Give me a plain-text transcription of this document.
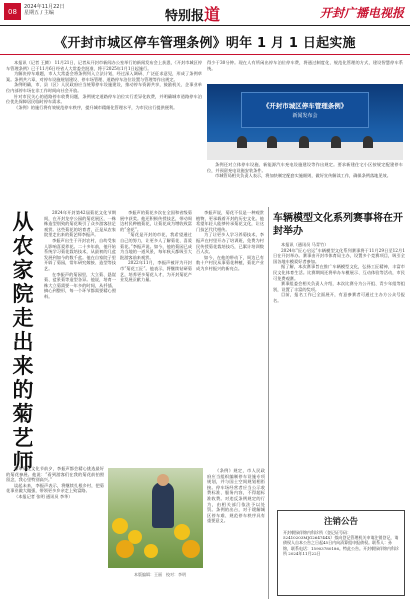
08
2024年11月22日
星期五 / 主编	特别报道	开封广播电视报
《开封市城区停车管理条例》明年 1 月 1 日起实施

本报讯（记者 王腾） 11月21日，记者从开封市新闻办公室举行的新闻发布会上获悉，《开封市城区停车管理条例》已于11月6日经省人大常委会批准，将于2025年1月1日起施行。

为解决停车难题，市人大常委会将条例列入立法计划，经过深入调研、广泛征求意见，形成了条例草案。条例共六章，对停车设施规划建设、停车场管理、道路停车泊位设置与管理等作出规定。

条例明确，市、县（区）人民政府应当统筹停车设施建设，推动停车资源共享，鼓励机关、企事业单位内部停车场在非工作时间向社会开放。

针对市民关心的道路停车收费问题，条例规定道路停车泊位实行差异化收费，并明确城市道路停车泊位优先保障居民临时停车需求。

《条例》的施行将有效规范停车秩序，提升城市精细化管理水平，为市民出行提供便利。

得少于30分钟。现在人有所闲出停车泊位停车费，将通过制度化、规范化管理的方式，建设智慧停车系统。

《开封市城区停车管理条例》
新闻发布会

条例还对立体停车设施、新能源汽车充电设施建设等作出规定。要求新建住宅小区按规定配建停车位，并预留充电设施安装条件。

市城管局相关负责人表示，将加快制定配套实施细则，做好宣传解读工作，确保条例落地见效。

从农家院走出来的菊艺师

2024年开封第42届菊花文化节期间，在开封龙亭公园的菊花展区，一株株造型别致的菊花吸引了众多游客驻足观赏。这些菊花的培育者，正是从农家院里走出来的菊艺师李振声。

李振声出生于开封农村，自幼受家人影响喜爱养花。二十多年前，他开始系统学习菊花栽培技术，从最初的几盆发展到如今的数千盆。他在自家院子里开辟了菊园，常年研究嫁接、造型等技艺。

在李振声的菊园里，大立菊、悬崖菊、盆景菊等造型各异。他说，培育一株大立菊需要一年多的时间，从扦插、摘心到整形，每一个环节都需要精心照料。

李振声的菊花多次在全国和省级菊展中获奖。他还积极传授技艺，带动周边村民种植菊花，让菊花成为增收致富的“金花”。

“菊花是开封的市花，我希望通过自己的努力，让更多人了解菊花、喜爱菊花。”李振声说。如今，他的菊园已成为当地的一道风景，每年秋天都吸引大批游客前来观赏。

2022年11月，李振声被评为开封市“菊花工匠”。他表示，将继续钻研菊艺，培养更多菊花人才，为开封菊花产业发展贡献力量。

李振声说，菊花不仅是一种观赏植物，更承载着开封的历史文化。他希望年轻人能够传承菊花文化，让这门技艺代代相传。

为了让更多人学习养菊技术，李振声在村里开办了培训班，免费为村民传授菊花栽培技巧，已累计培训数百人次。

如今，在他的带动下，周边已有数十户村民从事菊花种植，菊花产业成为乡村振兴的新亮点。

每年菊花文化节前夕，李振声都会精心挑选最好的菊花参展。他说：“看到游客们在我的菊花前拍照留念，我心里特别高兴。”

谈起未来，李振声表示，将继续扎根乡村，把菊花事业做大做强，带领更多乡亲走上致富路。

（本报记者 张明 通讯员 李华）

《条例》规定，市人民政府应当组织编制停车设施专项规划，并与国土空间规划相衔接。停车场经营者应当公示收费标准、服务内容，不得超标准收费。对违反条例规定的行为，由相关部门依法予以处罚。条例的出台，对于缓解城区停车难、规范停车秩序具有重要意义。

车辆模型文化系列赛事将在开封举办

本报讯（通讯员 马青竹）

2024年“匠心启运”车辆模型文化系列赛事将于11月29日至12月1日在开封举办。赛事由开封市体育局主办，设置多个竞赛项目，吸引全国各地车模爱好者参加。

据了解，本次赛事旨在推广车辆模型文化，弘扬工匠精神，丰富市民文化体育生活。比赛期间还将举办车模展示、互动体验等活动，市民可免费观赛。

赛事组委会相关负责人介绍，本次比赛分为公开组、青少年组等组别，设置了丰富的奖项。

目前，报名工作已全面展开，有意参赛者可通过主办方公众号报名。

注销公告
开封朝绿伴锦内科诊所（登记证号码：52410203MJG264744X）拟向登记管理机关申请注销登记，请债权人自本公告之日起45日内向清算组申报债权。联系人：孙锦，联系电话：15903780186。特此公告。开封朝绿伴锦内科诊所 2024年11月22日
本版编辑：王丽　校对：李明
